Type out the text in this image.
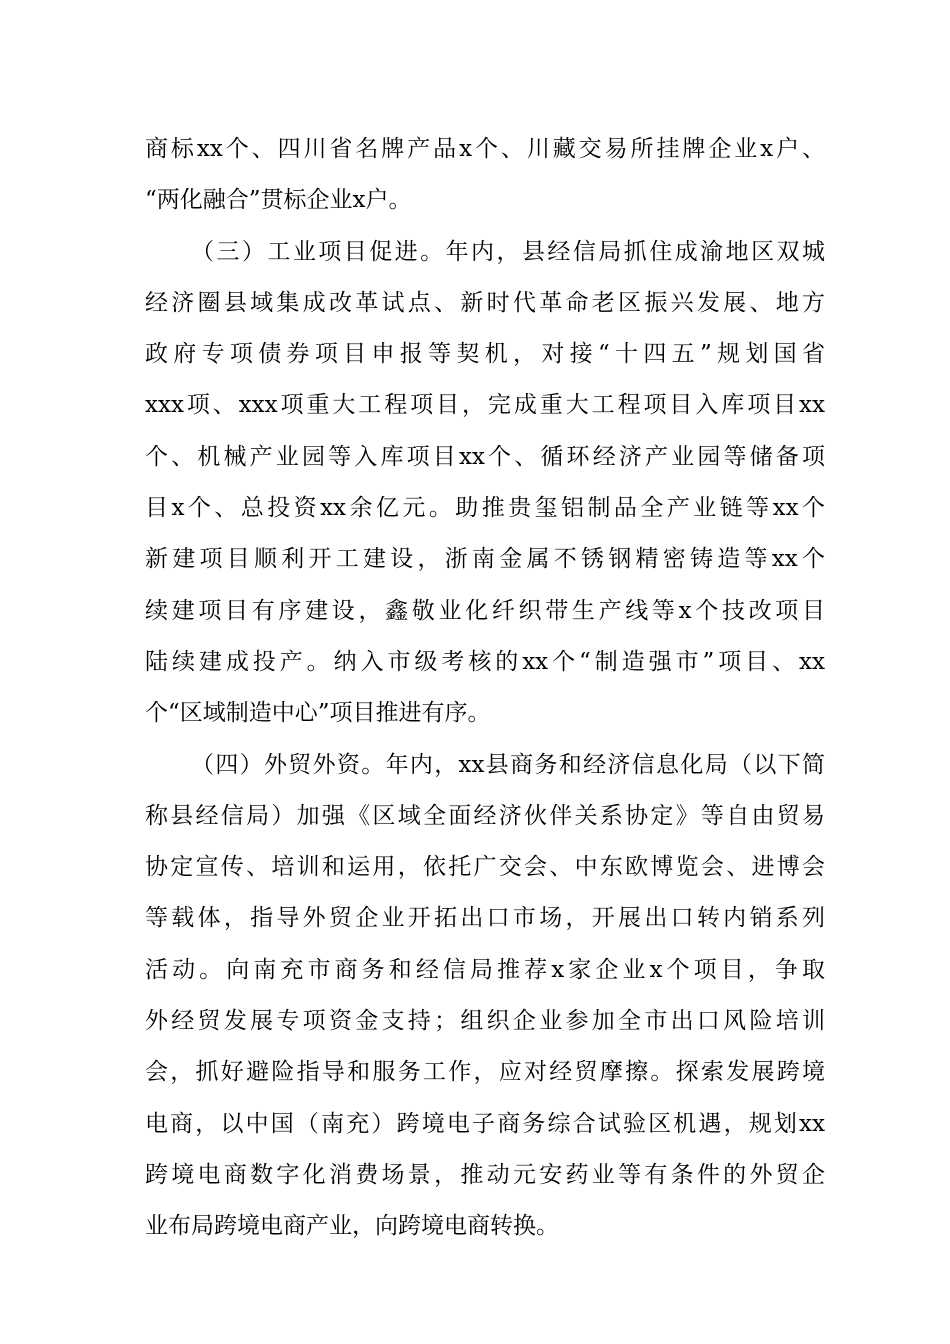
商标xx个、四川省名牌产品x个、川藏交易所挂牌企业x户、
“两化融合”贯标企业x户。
（三）工业项目促进。年内，县经信局抓住成渝地区双城
经济圈县域集成改革试点、新时代革命老区振兴发展、地方
政府专项债券项目申报等契机，对接“十四五”规划国省
xxx项、xxx项重大工程项目，完成重大工程项目入库项目xx
个、机械产业园等入库项目xx个、循环经济产业园等储备项
目x个、总投资xx余亿元。助推贵玺铝制品全产业链等xx个
新建项目顺利开工建设，浙南金属不锈钢精密铸造等xx个
续建项目有序建设，鑫敬业化纤织带生产线等x个技改项目
陆续建成投产。纳入市级考核的xx个“制造强市”项目、xx
个“区域制造中心”项目推进有序。
（四）外贸外资。年内，xx县商务和经济信息化局（以下简
称县经信局）加强《区域全面经济伙伴关系协定》等自由贸易
协定宣传、培训和运用，依托广交会、中东欧博览会、进博会
等载体，指导外贸企业开拓出口市场，开展出口转内销系列
活动。向南充市商务和经信局推荐x家企业x个项目，争取
外经贸发展专项资金支持；组织企业参加全市出口风险培训
会，抓好避险指导和服务工作，应对经贸摩擦。探索发展跨境
电商，以中国（南充）跨境电子商务综合试验区机遇，规划xx
跨境电商数字化消费场景，推动元安药业等有条件的外贸企
业布局跨境电商产业，向跨境电商转换。
